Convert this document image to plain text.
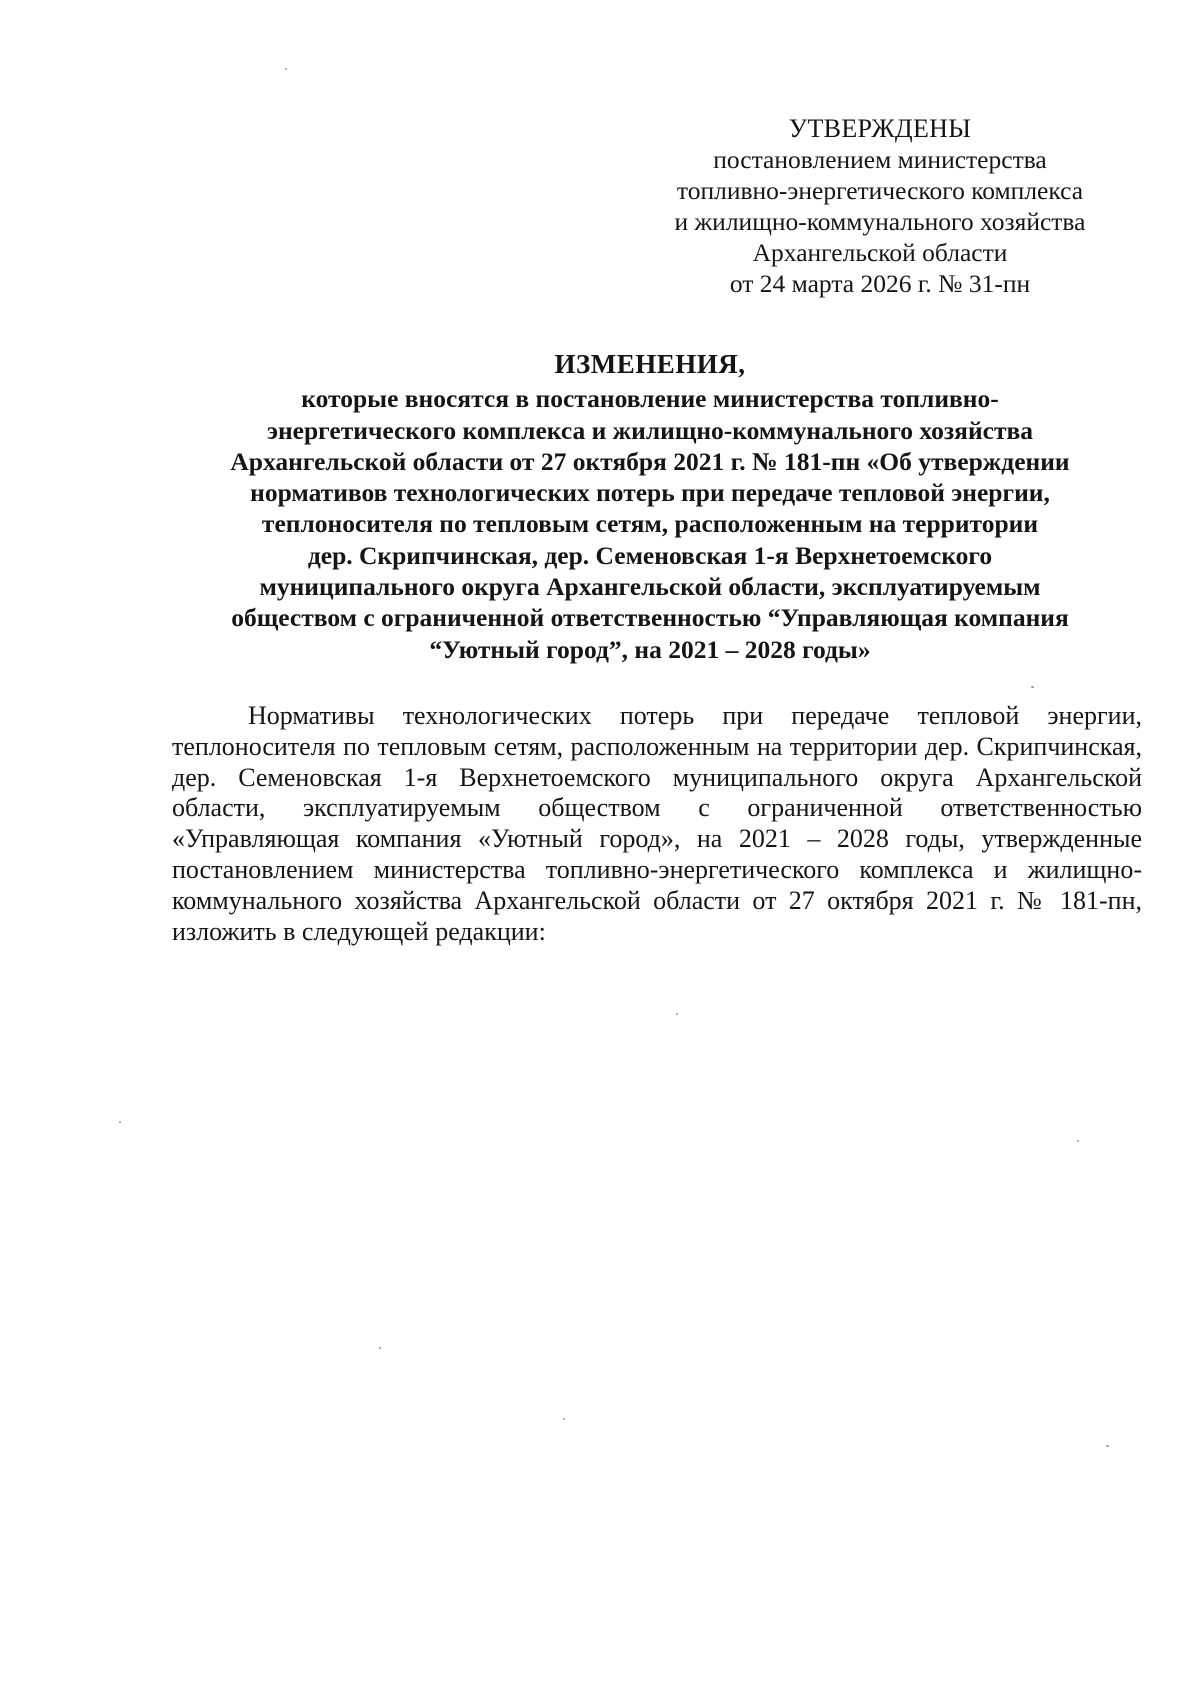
УТВЕРЖДЕНЫ
постановлением министерства
топливно-энергетического комплекса
и жилищно-коммунального хозяйства
Архангельской области
от 24 марта 2026 г. № 31-пн
ИЗМЕНЕНИЯ,
которые вносятся в постановление министерства топливно-
энергетического комплекса и жилищно-коммунального хозяйства
Архангельской области от 27 октября 2021 г. № 181-пн «Об утверждении
нормативов технологических потерь при передаче тепловой энергии,
теплоносителя по тепловым сетям, расположенным на территории
дер. Скрипчинская, дер. Семеновская 1-я Верхнетоемского
муниципального округа Архангельской области, эксплуатируемым
обществом с ограниченной ответственностью “Управляющая компания
“Уютный город”, на 2021 – 2028 годы»

Нормативы технологических потерь при передаче тепловой энергии, теплоносителя по тепловым сетям, расположенным на территории дер. Скрипчинская, дер. Семеновская 1-я Верхнетоемского муниципального округа Архангельской области, эксплуатируемым обществом с ограниченной ответственностью «Управляющая компания «Уютный город», на 2021 – 2028 годы, утвержденные постановлением министерства топливно-энергетического комплекса и жилищно-коммунального хозяйства Архангельской области от 27 октября 2021 г. № 181-пн, изложить в следующей редакции:
